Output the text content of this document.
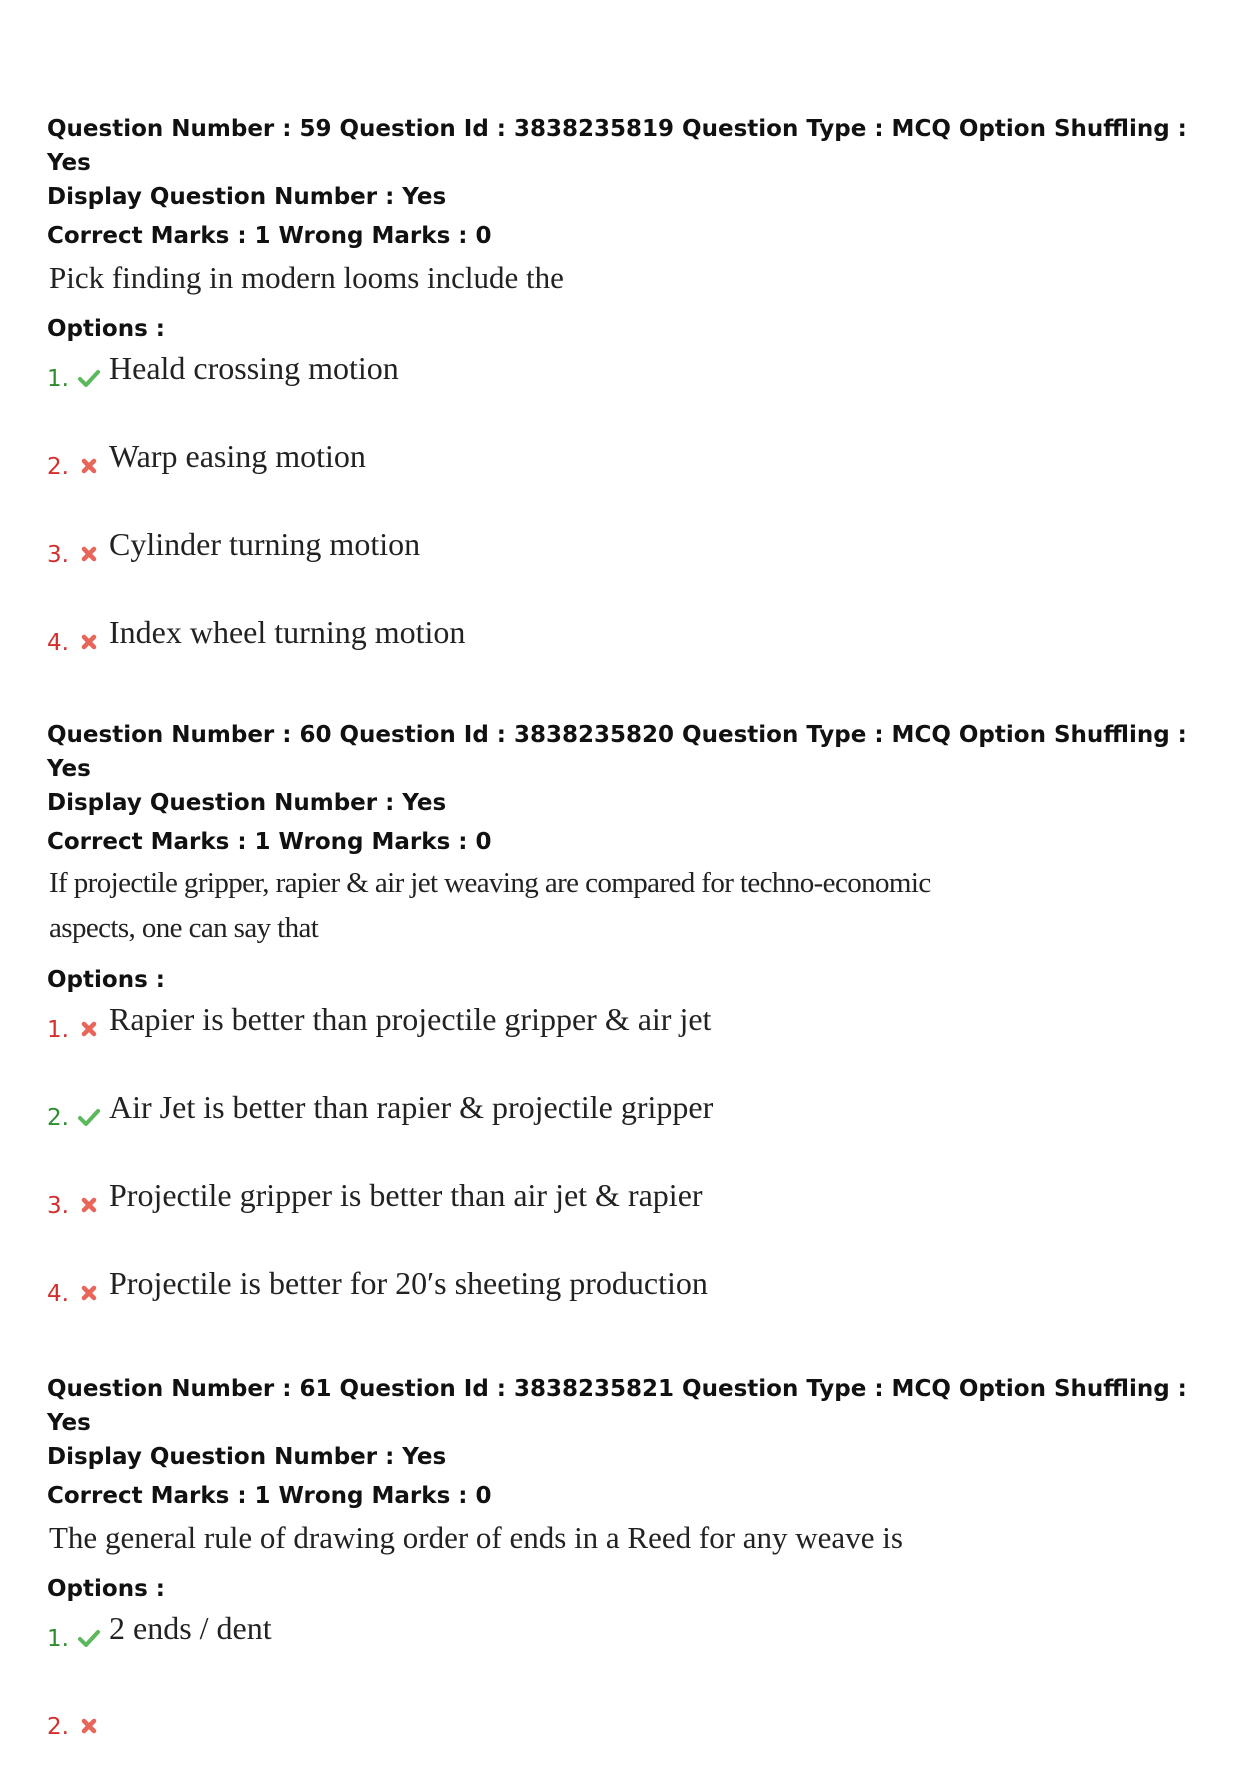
Question Number : 59 Question Id : 3838235819 Question Type : MCQ Option Shuffling : Yes
Display Question Number : Yes
Correct Marks : 1 Wrong Marks : 0
Pick finding in modern looms include the
Options :
1. Heald crossing motion
2. Warp easing motion
3. Cylinder turning motion
4. Index wheel turning motion
Question Number : 60 Question Id : 3838235820 Question Type : MCQ Option Shuffling : Yes
Display Question Number : Yes
Correct Marks : 1 Wrong Marks : 0
If projectile gripper, rapier & air jet weaving are compared for techno-economic
aspects, one can say that
Options :
1. Rapier is better than projectile gripper & air jet
2. Air Jet is better than rapier & projectile gripper
3. Projectile gripper is better than air jet & rapier
4. Projectile is better for 20′s sheeting production
Question Number : 61 Question Id : 3838235821 Question Type : MCQ Option Shuffling : Yes
Display Question Number : Yes
Correct Marks : 1 Wrong Marks : 0
The general rule of drawing order of ends in a Reed for any weave is
Options :
1. 2 ends / dent
2.
